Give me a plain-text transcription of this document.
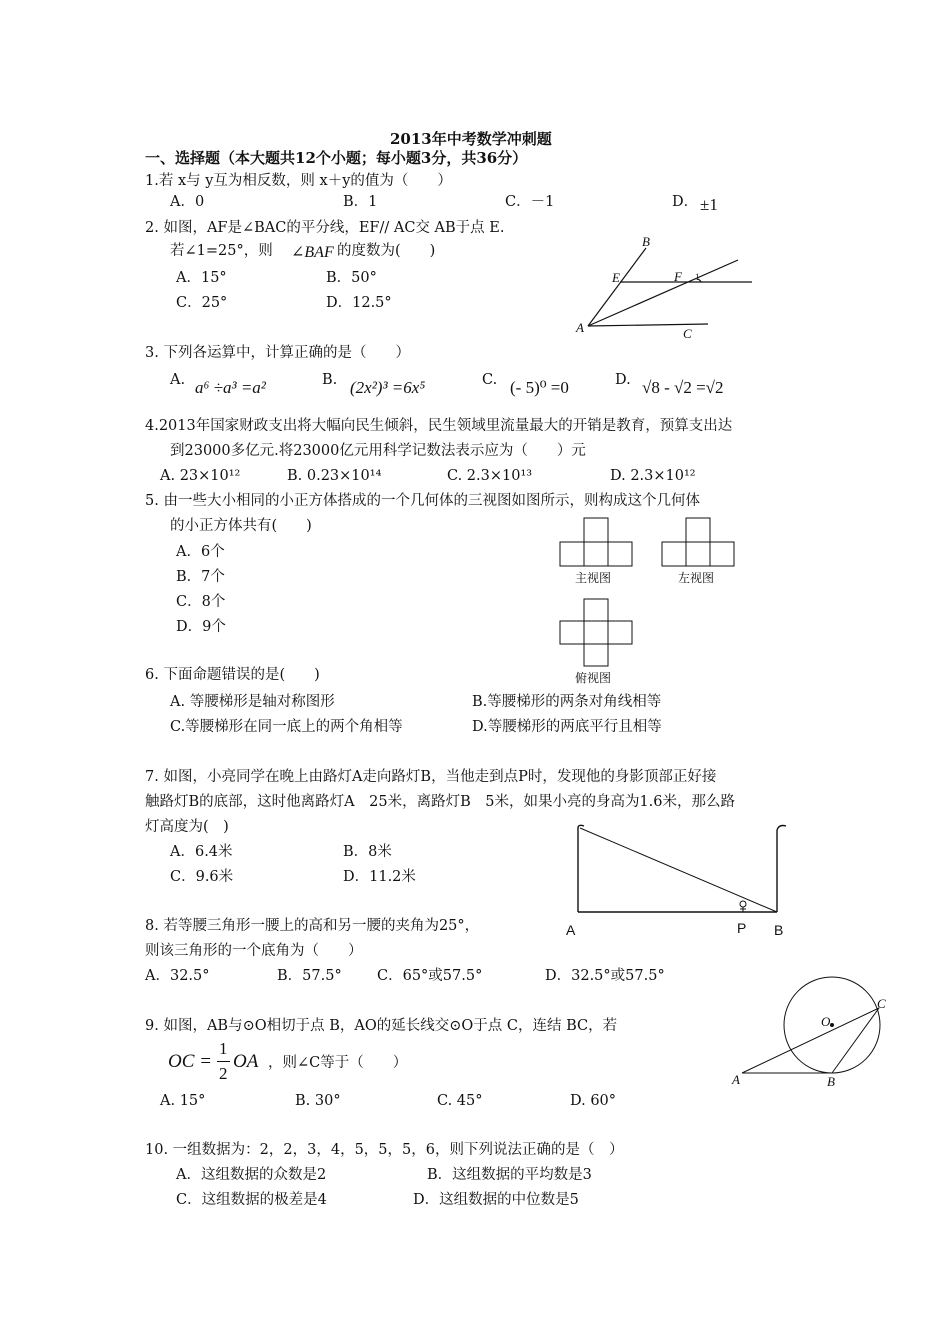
2013年中考数学冲刺题
一、选择题（本大题共12个小题；每小题3分，共36分）
1.若 x与 y互为相反数，则 x＋y的值为（　　）
A．0	B．1	C．－1	D． ±1
2. 如图，AF是∠BAC的平分线，EF// AC交 AB于点 E.
若∠1=25°，则 ∠BAF 的度数为(　　)
A．15°	B．50°
C．25°	D．12.5°
B
E	F 1
A	C
3. 下列各运算中，计算正确的是（　　）
A. a⁶ ÷a³ =a²	B. (2x²)³ =6x⁵	C. (- 5)⁰ =0	D. √8 - √2 =√2
4.2013年国家财政支出将大幅向民生倾斜，民生领域里流量最大的开销是教育，预算支出达
到23000多亿元.将23000亿元用科学记数法表示应为（　　）元
A. 23×10¹²	B. 0.23×10¹⁴	C. 2.3×10¹³	D. 2.3×10¹²
5. 由一些大小相同的小正方体搭成的一个几何体的三视图如图所示，则构成这个几何体
的小正方体共有(　　)
A．6个
B．7个
C．8个
D．9个
主视图	左视图
俯视图
6. 下面命题错误的是(　　)
A. 等腰梯形是轴对称图形	B.等腰梯形的两条对角线相等
C.等腰梯形在同一底上的两个角相等	D.等腰梯形的两底平行且相等
7. 如图，小亮同学在晚上由路灯A走向路灯B，当他走到点P时，发现他的身影顶部正好接
触路灯B的底部，这时他离路灯A　25米，离路灯B　5米，如果小亮的身高为1.6米，那么路
灯高度为(　)
A．6.4米	B．8米
C．9.6米	D．11.2米
A	P B
8. 若等腰三角形一腰上的高和另一腰的夹角为25°，
则该三角形的一个底角为（　　）
A．32.5°	B．57.5° C．65°或57.5°	D．32.5°或57.5°
9. 如图，AB与⊙O相切于点 B，AO的延长线交⊙O于点 C，连结 BC，若
OC =
1
2
OA ，则∠C等于（　　）
A. 15°	B. 30°	C. 45°	D. 60°
O
C
A	B
10. 一组数据为：2，2，3，4，5，5，5，6，则下列说法正确的是（　）
A．这组数据的众数是2	B．这组数据的平均数是3
C．这组数据的极差是4	D．这组数据的中位数是5
